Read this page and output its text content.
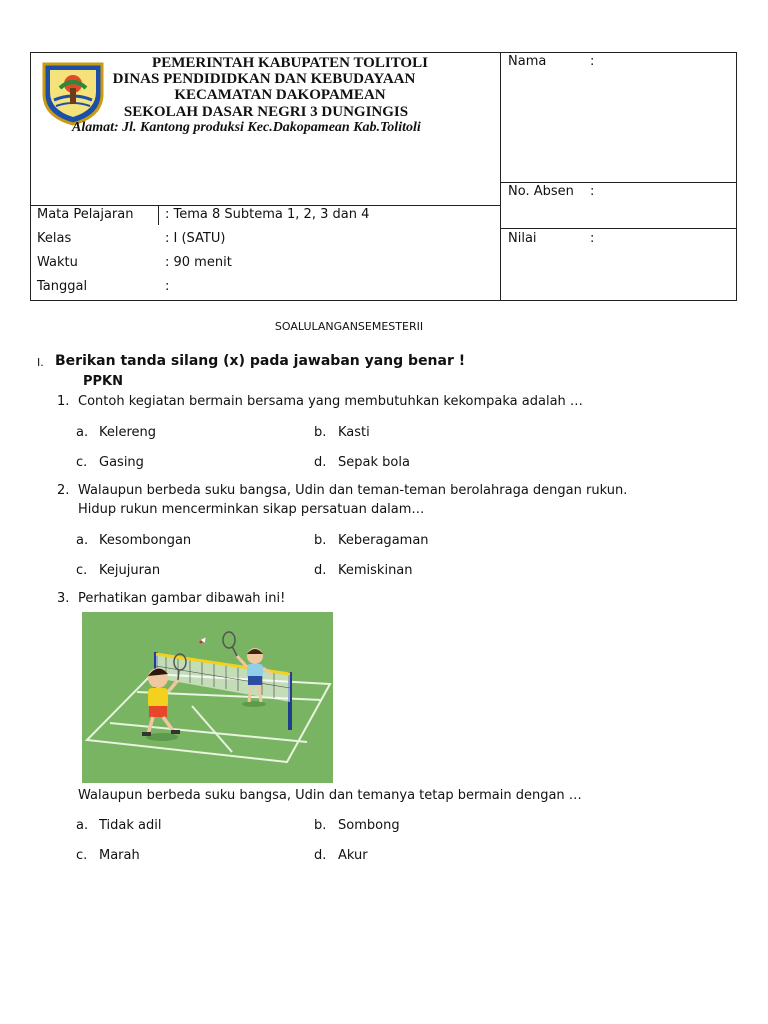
PEMERINTAH KABUPATEN TOLITOLI
DINAS PENDIDIDKAN DAN KEBUDAYAAN
KECAMATAN DAKOPAMEAN
SEKOLAH DASAR NEGRI 3 DUNGINGIS
Alamat: Jl. Kantong produksi Kec.Dakopamean Kab.Tolitoli
Nama	:
No. Absen :
Nilai	:
Mata Pelajaran : Tema 8 Subtema 1, 2, 3 dan 4
Kelas	: I (SATU)
Waktu	: 90 menit
Tanggal	:
SOALULANGANSEMESTERII
I. Berikan tanda silang (x) pada jawaban yang benar !
PPKN
1. Contoh kegiatan bermain bersama yang membutuhkan kekompaka adalah …
a. Kelereng	b. Kasti
c. Gasing	d. Sepak bola
2. Walaupun berbeda suku bangsa, Udin dan teman-teman berolahraga dengan rukun.
Hidup rukun mencerminkan sikap persatuan dalam…
a. Kesombongan	b. Keberagaman
c. Kejujuran	d. Kemiskinan
3. Perhatikan gambar dibawah ini!
Walaupun berbeda suku bangsa, Udin dan temanya tetap bermain dengan …
a. Tidak adil	b. Sombong
c. Marah	d. Akur
